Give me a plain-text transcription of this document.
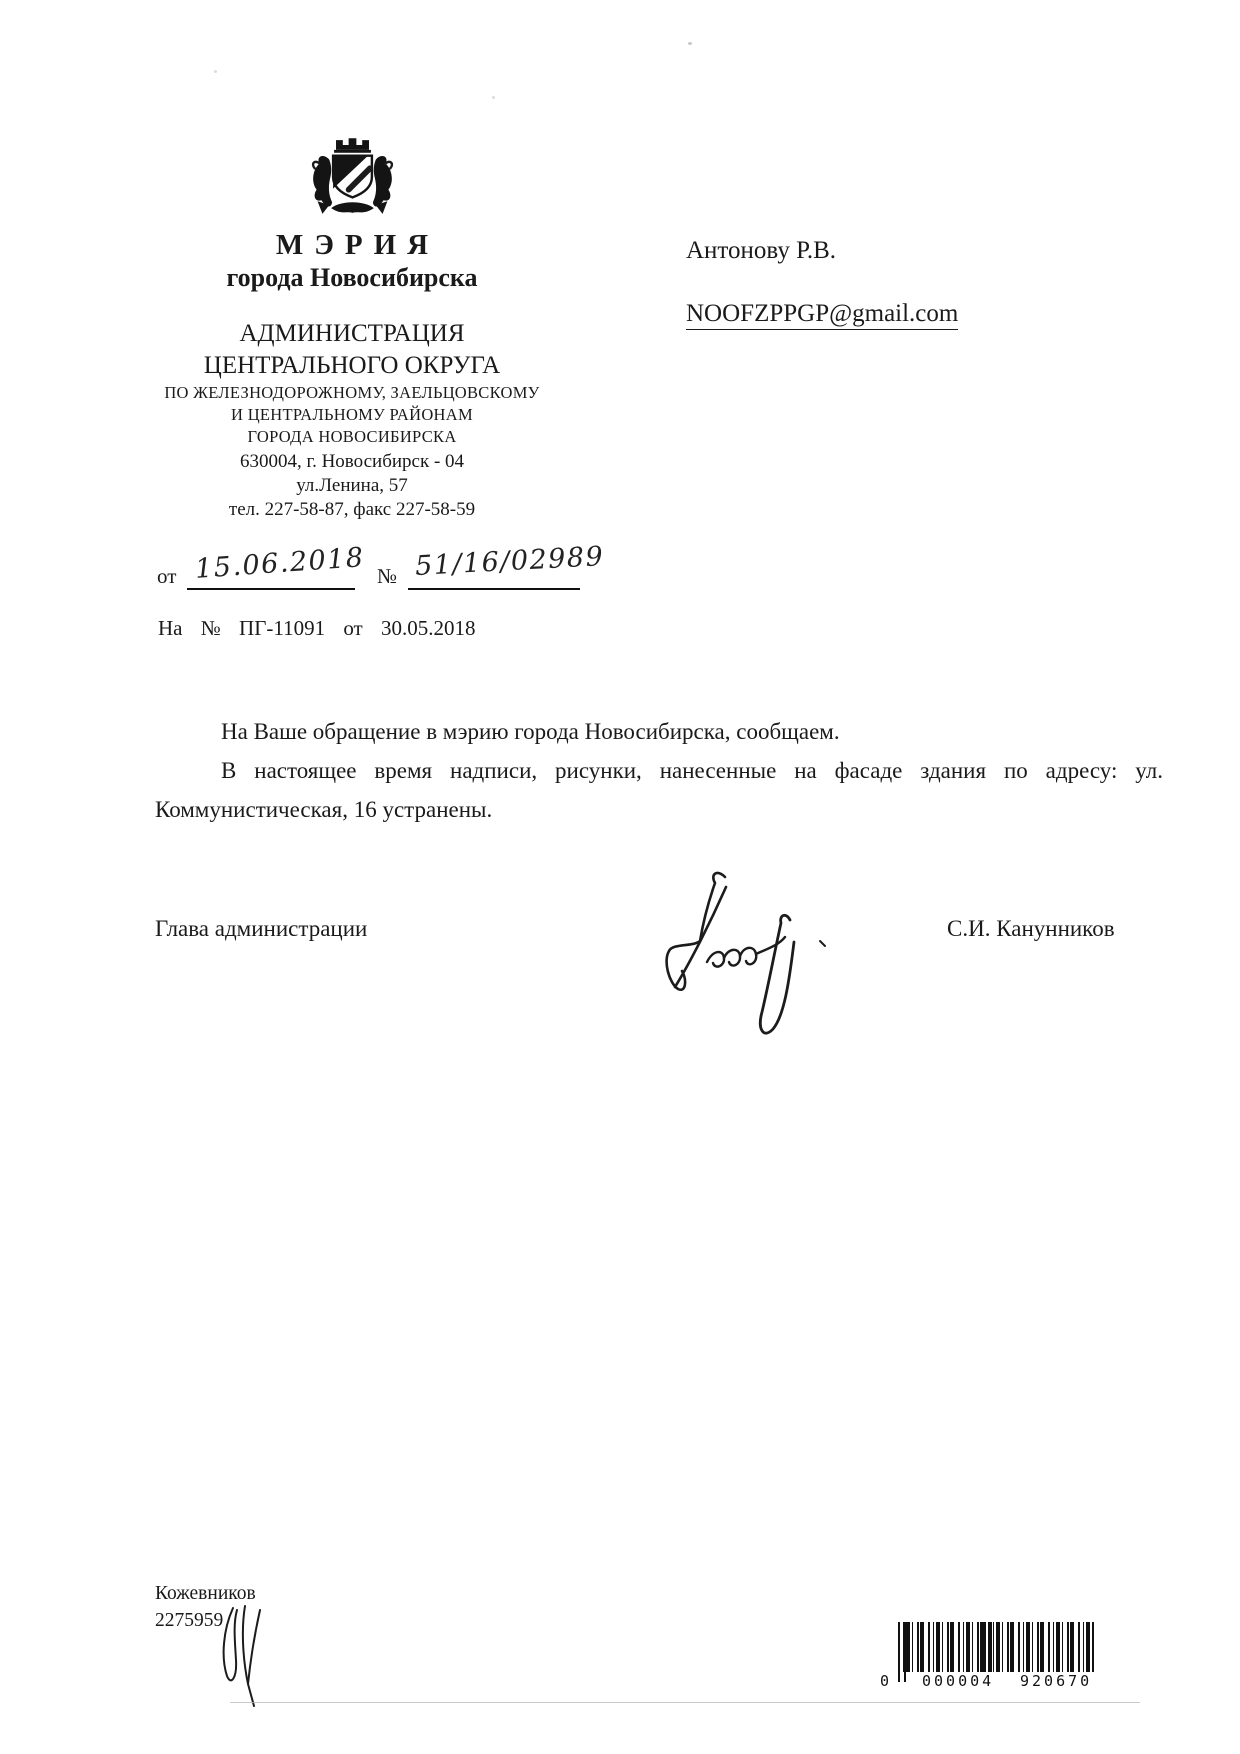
МЭРИЯ
города Новосибирска
АДМИНИСТРАЦИЯ
ЦЕНТРАЛЬНОГО ОКРУГА
ПО ЖЕЛЕЗНОДОРОЖНОМУ, ЗАЕЛЬЦОВСКОМУ
И ЦЕНТРАЛЬНОМУ РАЙОНАМ
ГОРОДА НОВОСИБИРСКА
630004, г. Новосибирск - 04
ул.Ленина, 57
тел. 227-58-87, факс 227-58-59
от 15.06.2018 № 51/16/02989
На № ПГ-11091 от 30.05.2018
Антонову Р.В.
NOOFZPPGP@gmail.com

На Ваше обращение в мэрию города Новосибирска, сообщаем.

В настоящее время надписи, рисунки, нанесенные на фасаде здания по адресу: ул. Коммунистическая, 16 устранены.

Глава администрации	С.И. Канунников
Кожевников
2275959
0 000004 920670
